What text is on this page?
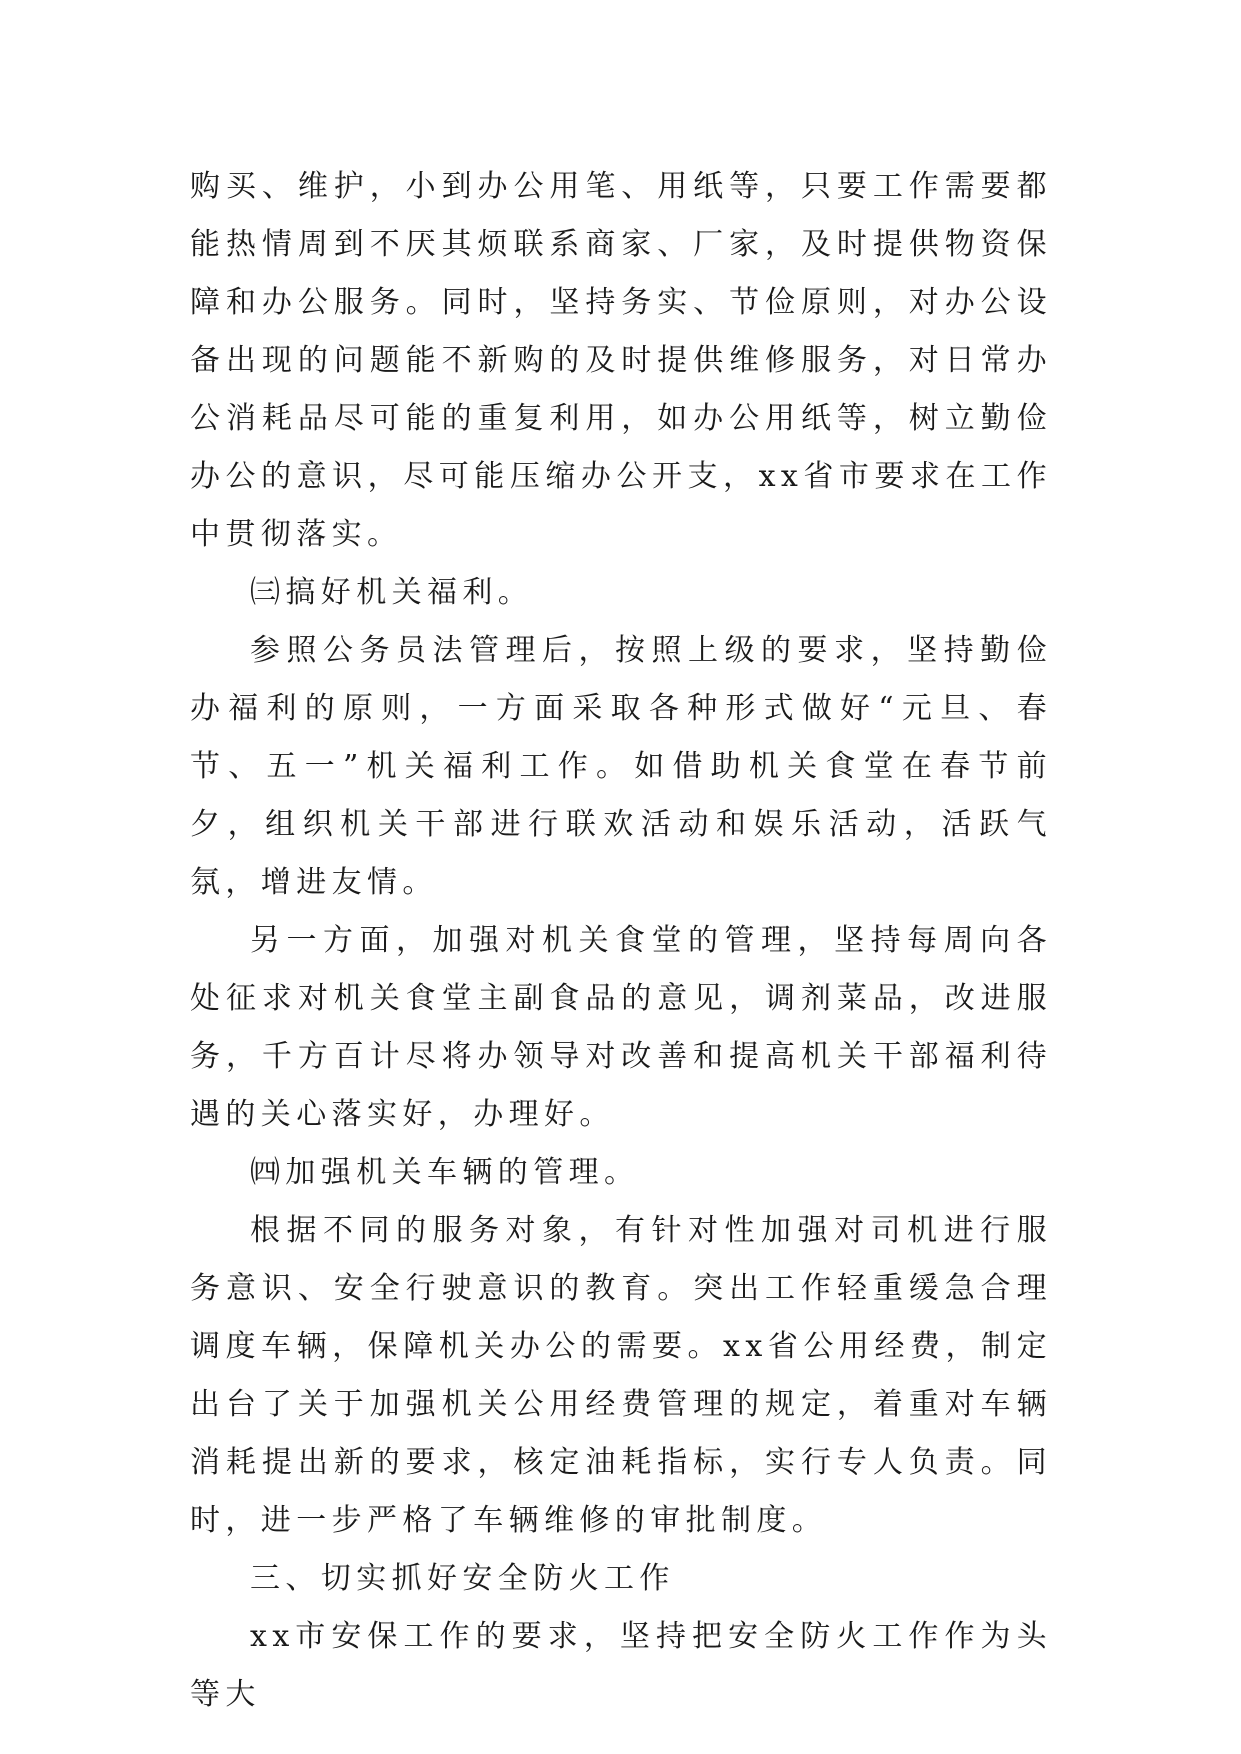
购买、维护，小到办公用笔、用纸等，只要工作需要都能热情周到不厌其烦联系商家、厂家，及时提供物资保障和办公服务。同时，坚持务实、节俭原则，对办公设备出现的问题能不新购的及时提供维修服务，对日常办公消耗品尽可能的重复利用，如办公用纸等，树立勤俭办公的意识，尽可能压缩办公开支，xx省市要求在工作中贯彻落实。

㈢搞好机关福利。

参照公务员法管理后，按照上级的要求，坚持勤俭办福利的原则，一方面采取各种形式做好“元旦、春节、五一”机关福利工作。如借助机关食堂在春节前夕，组织机关干部进行联欢活动和娱乐活动，活跃气氛，增进友情。

另一方面，加强对机关食堂的管理，坚持每周向各处征求对机关食堂主副食品的意见，调剂菜品，改进服务，千方百计尽将办领导对改善和提高机关干部福利待遇的关心落实好，办理好。

㈣加强机关车辆的管理。

根据不同的服务对象，有针对性加强对司机进行服务意识、安全行驶意识的教育。突出工作轻重缓急合理调度车辆，保障机关办公的需要。xx省公用经费，制定出台了关于加强机关公用经费管理的规定，着重对车辆消耗提出新的要求，核定油耗指标，实行专人负责。同时，进一步严格了车辆维修的审批制度。

三、切实抓好安全防火工作

xx市安保工作的要求，坚持把安全防火工作作为头等大
